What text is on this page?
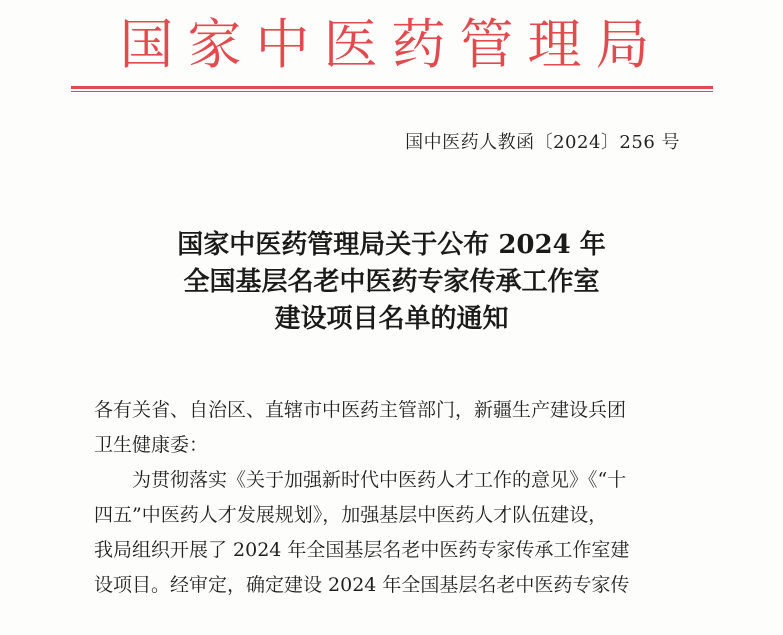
国家中医药管理局
国中医药人教函〔2024〕256 号
国家中医药管理局关于公布 2024 年
全国基层名老中医药专家传承工作室
建设项目名单的通知
各有关省、自治区、直辖市中医药主管部门，新疆生产建设兵团
卫生健康委：
　　为贯彻落实《关于加强新时代中医药人才工作的意见》《“十
四五”中医药人才发展规划》，加强基层中医药人才队伍建设，
我局组织开展了 2024 年全国基层名老中医药专家传承工作室建
设项目。经审定，确定建设 2024 年全国基层名老中医药专家传
